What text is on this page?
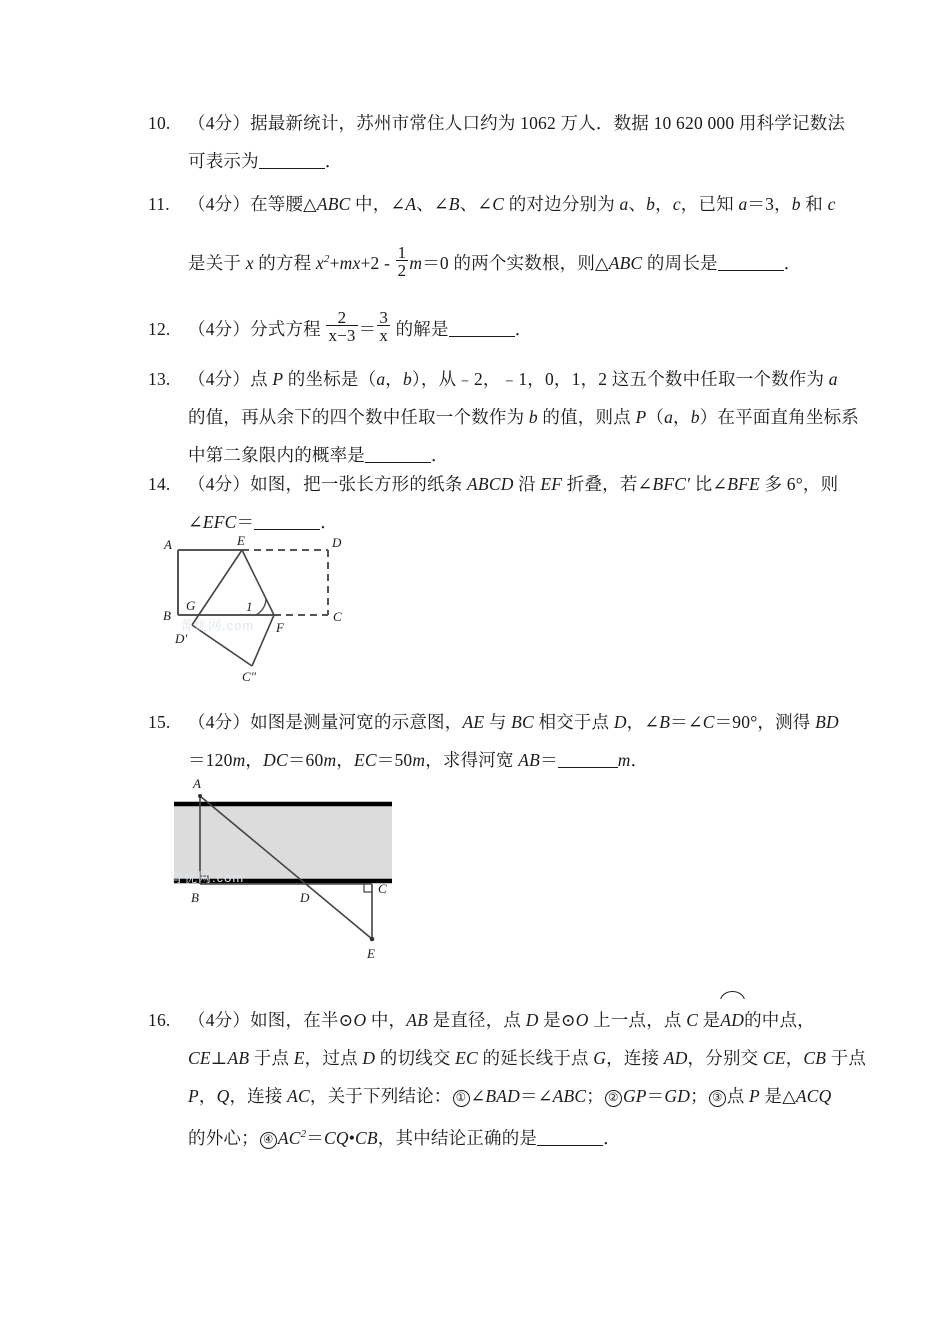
10. （4分）据最新统计，苏州市常住人口约为 1062 万人．数据 10 620 000 用科学记数法
可表示为	．
11. （4分）在等腰△ABC 中，∠A、∠B、∠C 的对边分别为 a、b，c，已知 a＝3，b 和 c
是关于 x 的方程 $x^2+mx+2 - \frac{1}{2} m=0$ 的两个实数根，则△ABC 的周长是	．
12. （4分）分式方程 $\frac{2}{x-3} = \frac{3}{x}$ 的解是	．
13. （4分）点 P 的坐标是（a，b），从﹣2，﹣1，0，1，2 这五个数中任取一个数作为 a
的值，再从余下的四个数中任取一个数作为 b 的值，则点 P（a，b）在平面直角坐标系
中第二象限内的概率是	．
14. （4分）如图，把一张长方形的纸条 ABCD 沿 EF 折叠，若∠BFC′ 比∠BFE 多 6°，则
∠EFC＝	．
A	E	D
B
G	1
C
D′
F
C″
菁优网.com
15. （4分）如图是测量河宽的示意图，AE 与 BC 相交于点 D，∠B＝∠C＝90°，测得 BD
＝120m，DC＝60m，EC＝50m，求得河宽 AB＝	m．
A
B	D
C
E
菁优网.com
16. （4分）如图，在半⊙O 中，AB 是直径，点 D 是⊙O 上一点，点 C 是
AD的中点，
CE⊥AB 于点 E，过点 D 的切线交 EC 的延长线于点 G，连接 AD，分别交 CE，CB 于点
P，Q，连接 AC，关于下列结论： ① ∠BAD＝∠ABC； ② GP＝GD； ③ 点 P 是△ACQ
的外心； ④ $AC^2=CQ•CB$，其中结论正确的是	．
